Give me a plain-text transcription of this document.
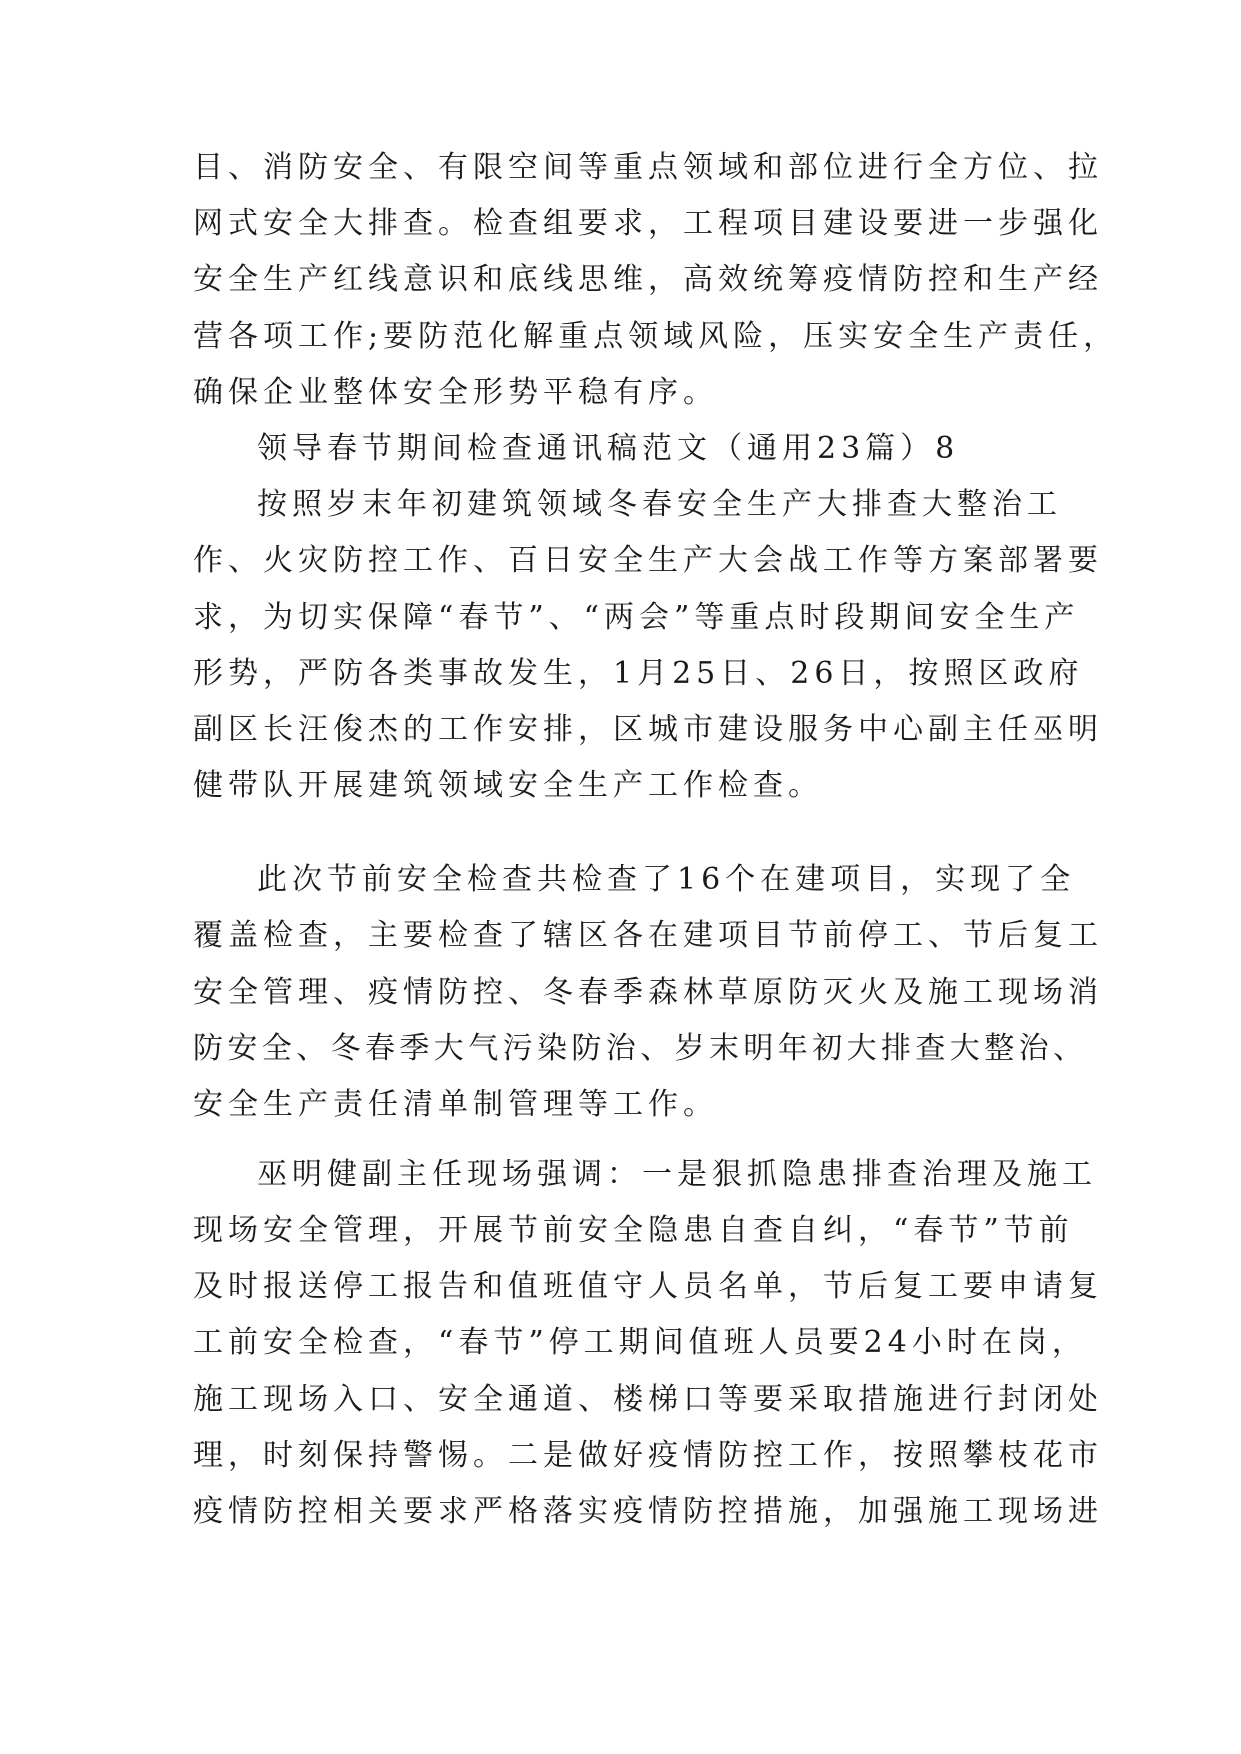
目、消防安全、有限空间等重点领域和部位进行全方位、拉
网式安全大排查。检查组要求，工程项目建设要进一步强化
安全生产红线意识和底线思维，高效统筹疫情防控和生产经
营各项工作;要防范化解重点领域风险，压实安全生产责任，
确保企业整体安全形势平稳有序。
领导春节期间检查通讯稿范文（通用23篇）8
按照岁末年初建筑领域冬春安全生产大排查大整治工
作、火灾防控工作、百日安全生产大会战工作等方案部署要
求，为切实保障“春节”、“两会”等重点时段期间安全生产
形势，严防各类事故发生，1月25日、26日，按照区政府
副区长汪俊杰的工作安排，区城市建设服务中心副主任巫明
健带队开展建筑领域安全生产工作检查。
此次节前安全检查共检查了16个在建项目，实现了全
覆盖检查，主要检查了辖区各在建项目节前停工、节后复工
安全管理、疫情防控、冬春季森林草原防灭火及施工现场消
防安全、冬春季大气污染防治、岁末明年初大排查大整治、
安全生产责任清单制管理等工作。
巫明健副主任现场强调：一是狠抓隐患排查治理及施工
现场安全管理，开展节前安全隐患自查自纠，“春节”节前
及时报送停工报告和值班值守人员名单，节后复工要申请复
工前安全检查，“春节”停工期间值班人员要24小时在岗，
施工现场入口、安全通道、楼梯口等要采取措施进行封闭处
理，时刻保持警惕。二是做好疫情防控工作，按照攀枝花市
疫情防控相关要求严格落实疫情防控措施，加强施工现场进
